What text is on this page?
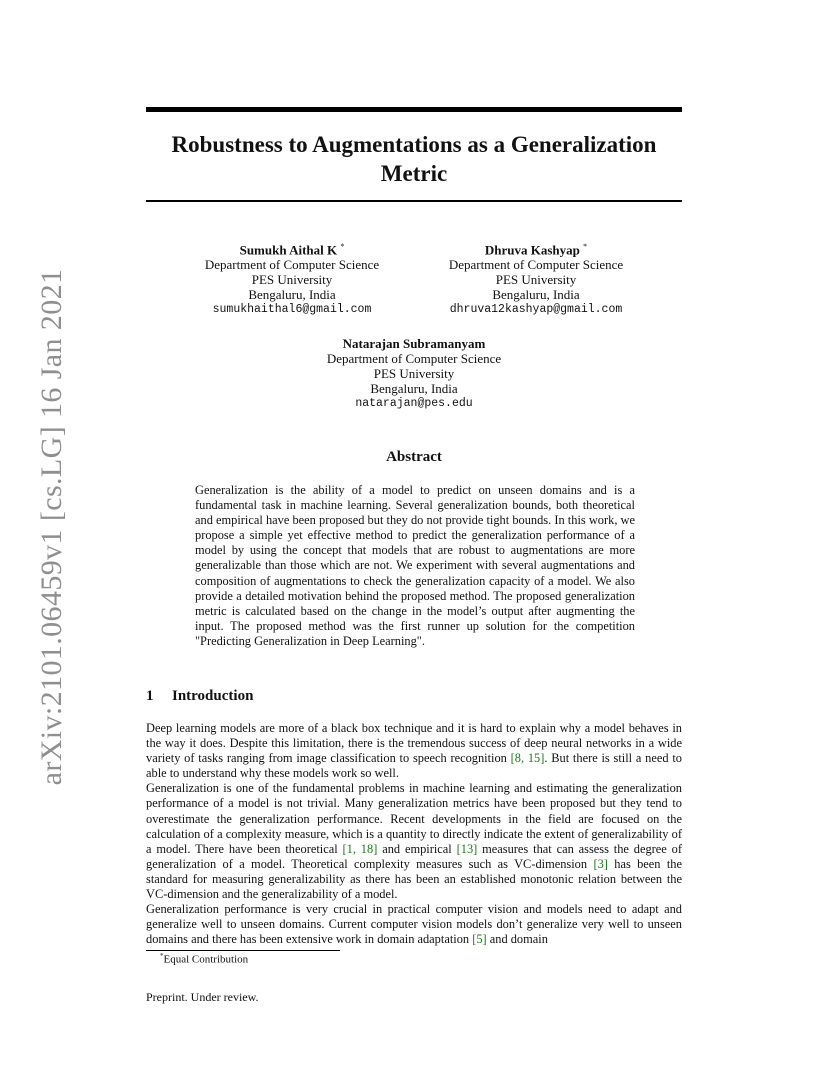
arXiv:2101.06459v1 [cs.LG] 16 Jan 2021
Robustness to Augmentations as a Generalization Metric
Sumukh Aithal K *
Department of Computer Science
PES University
Bengaluru, India
sumukhaithal6@gmail.com
Dhruva Kashyap *
Department of Computer Science
PES University
Bengaluru, India
dhruva12kashyap@gmail.com
Natarajan Subramanyam
Department of Computer Science
PES University
Bengaluru, India
natarajan@pes.edu
Abstract
Generalization is the ability of a model to predict on unseen domains and is a fundamental task in machine learning. Several generalization bounds, both theoretical and empirical have been proposed but they do not provide tight bounds. In this work, we propose a simple yet effective method to predict the generalization performance of a model by using the concept that models that are robust to augmentations are more generalizable than those which are not. We experiment with several augmentations and composition of augmentations to check the generalization capacity of a model. We also provide a detailed motivation behind the proposed method. The proposed generalization metric is calculated based on the change in the model’s output after augmenting the input. The proposed method was the first runner up solution for the competition "Predicting Generalization in Deep Learning".
1 Introduction

Deep learning models are more of a black box technique and it is hard to explain why a model behaves in the way it does. Despite this limitation, there is the tremendous success of deep neural networks in a wide variety of tasks ranging from image classification to speech recognition [8, 15]. But there is still a need to able to understand why these models work so well.

Generalization is one of the fundamental problems in machine learning and estimating the generalization performance of a model is not trivial. Many generalization metrics have been proposed but they tend to overestimate the generalization performance. Recent developments in the field are focused on the calculation of a complexity measure, which is a quantity to directly indicate the extent of generalizability of a model. There have been theoretical [1, 18] and empirical [13] measures that can assess the degree of generalization of a model. Theoretical complexity measures such as VC-dimension [3] has been the standard for measuring generalizability as there has been an established monotonic relation between the VC-dimension and the generalizability of a model.

Generalization performance is very crucial in practical computer vision and models need to adapt and generalize well to unseen domains. Current computer vision models don’t generalize very well to unseen domains and there has been extensive work in domain adaptation [5] and domain

*Equal Contribution
Preprint. Under review.
